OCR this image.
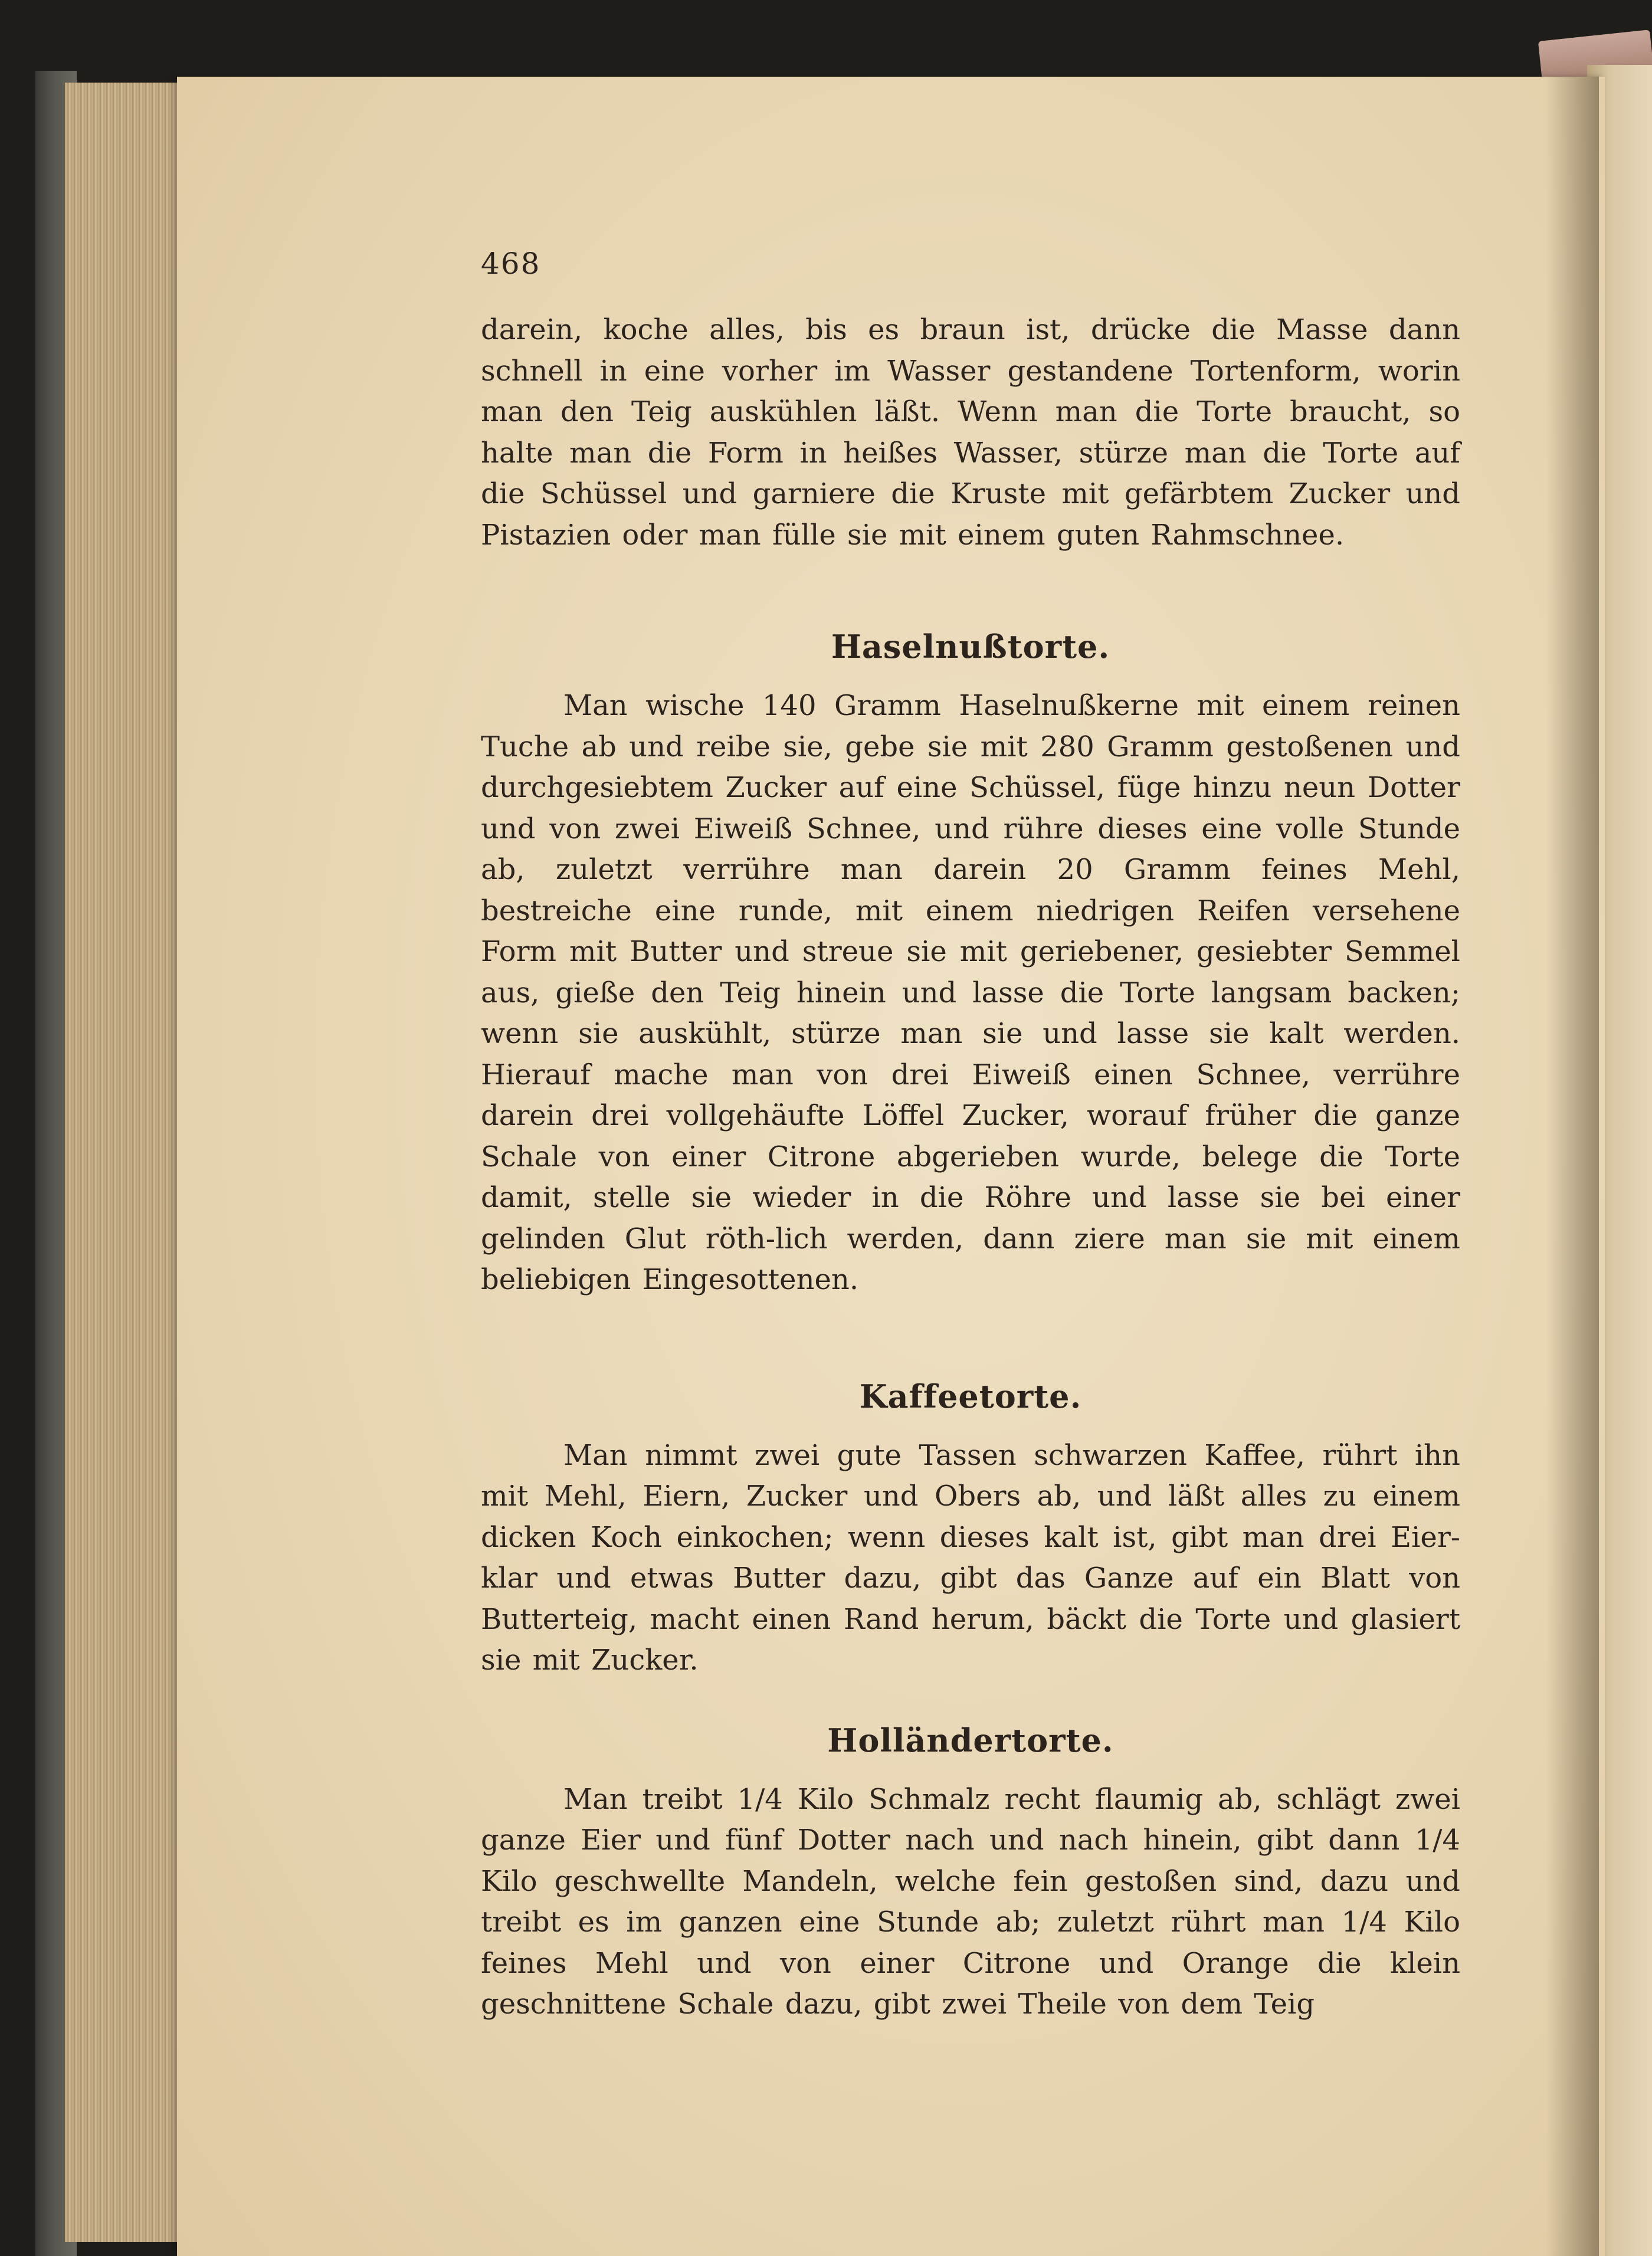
468

darein, koche alles, bis es braun ist, drücke die Masse dann schnell in eine vorher im Wasser gestandene Tortenform, worin man den Teig auskühlen läßt. Wenn man die Torte braucht, so halte man die Form in heißes Wasser, stürze man die Torte auf die Schüssel und garniere die Kruste mit gefärbtem Zucker und Pistazien oder man fülle sie mit einem guten Rahmschnee.

Haselnußtorte.

Man wische 140 Gramm Haselnußkerne mit einem reinen Tuche ab und reibe sie, gebe sie mit 280 Gramm gestoßenen und durchgesiebtem Zucker auf eine Schüssel, füge hinzu neun Dotter und von zwei Eiweiß Schnee, und rühre dieses eine volle Stunde ab, zuletzt verrühre man darein 20 Gramm feines Mehl, bestreiche eine runde, mit einem niedrigen Reifen versehene Form mit Butter und streue sie mit geriebener, gesiebter Semmel aus, gieße den Teig hinein und lasse die Torte langsam backen; wenn sie auskühlt, stürze man sie und lasse sie kalt werden. Hierauf mache man von drei Eiweiß einen Schnee, verrühre darein drei vollgehäufte Löffel Zucker, worauf früher die ganze Schale von einer Citrone abgerieben wurde, belege die Torte damit, stelle sie wieder in die Röhre und lasse sie bei einer gelinden Glut röth-lich werden, dann ziere man sie mit einem beliebigen Eingesottenen.

Kaffeetorte.

Man nimmt zwei gute Tassen schwarzen Kaffee, rührt ihn mit Mehl, Eiern, Zucker und Obers ab, und läßt alles zu einem dicken Koch einkochen; wenn dieses kalt ist, gibt man drei Eier-klar und etwas Butter dazu, gibt das Ganze auf ein Blatt von Butterteig, macht einen Rand herum, bäckt die Torte und glasiert sie mit Zucker.

Holländertorte.

Man treibt 1/4 Kilo Schmalz recht flaumig ab, schlägt zwei ganze Eier und fünf Dotter nach und nach hinein, gibt dann 1/4 Kilo geschwellte Mandeln, welche fein gestoßen sind, dazu und treibt es im ganzen eine Stunde ab; zuletzt rührt man 1/4 Kilo feines Mehl und von einer Citrone und Orange die klein geschnittene Schale dazu, gibt zwei Theile von dem Teig
